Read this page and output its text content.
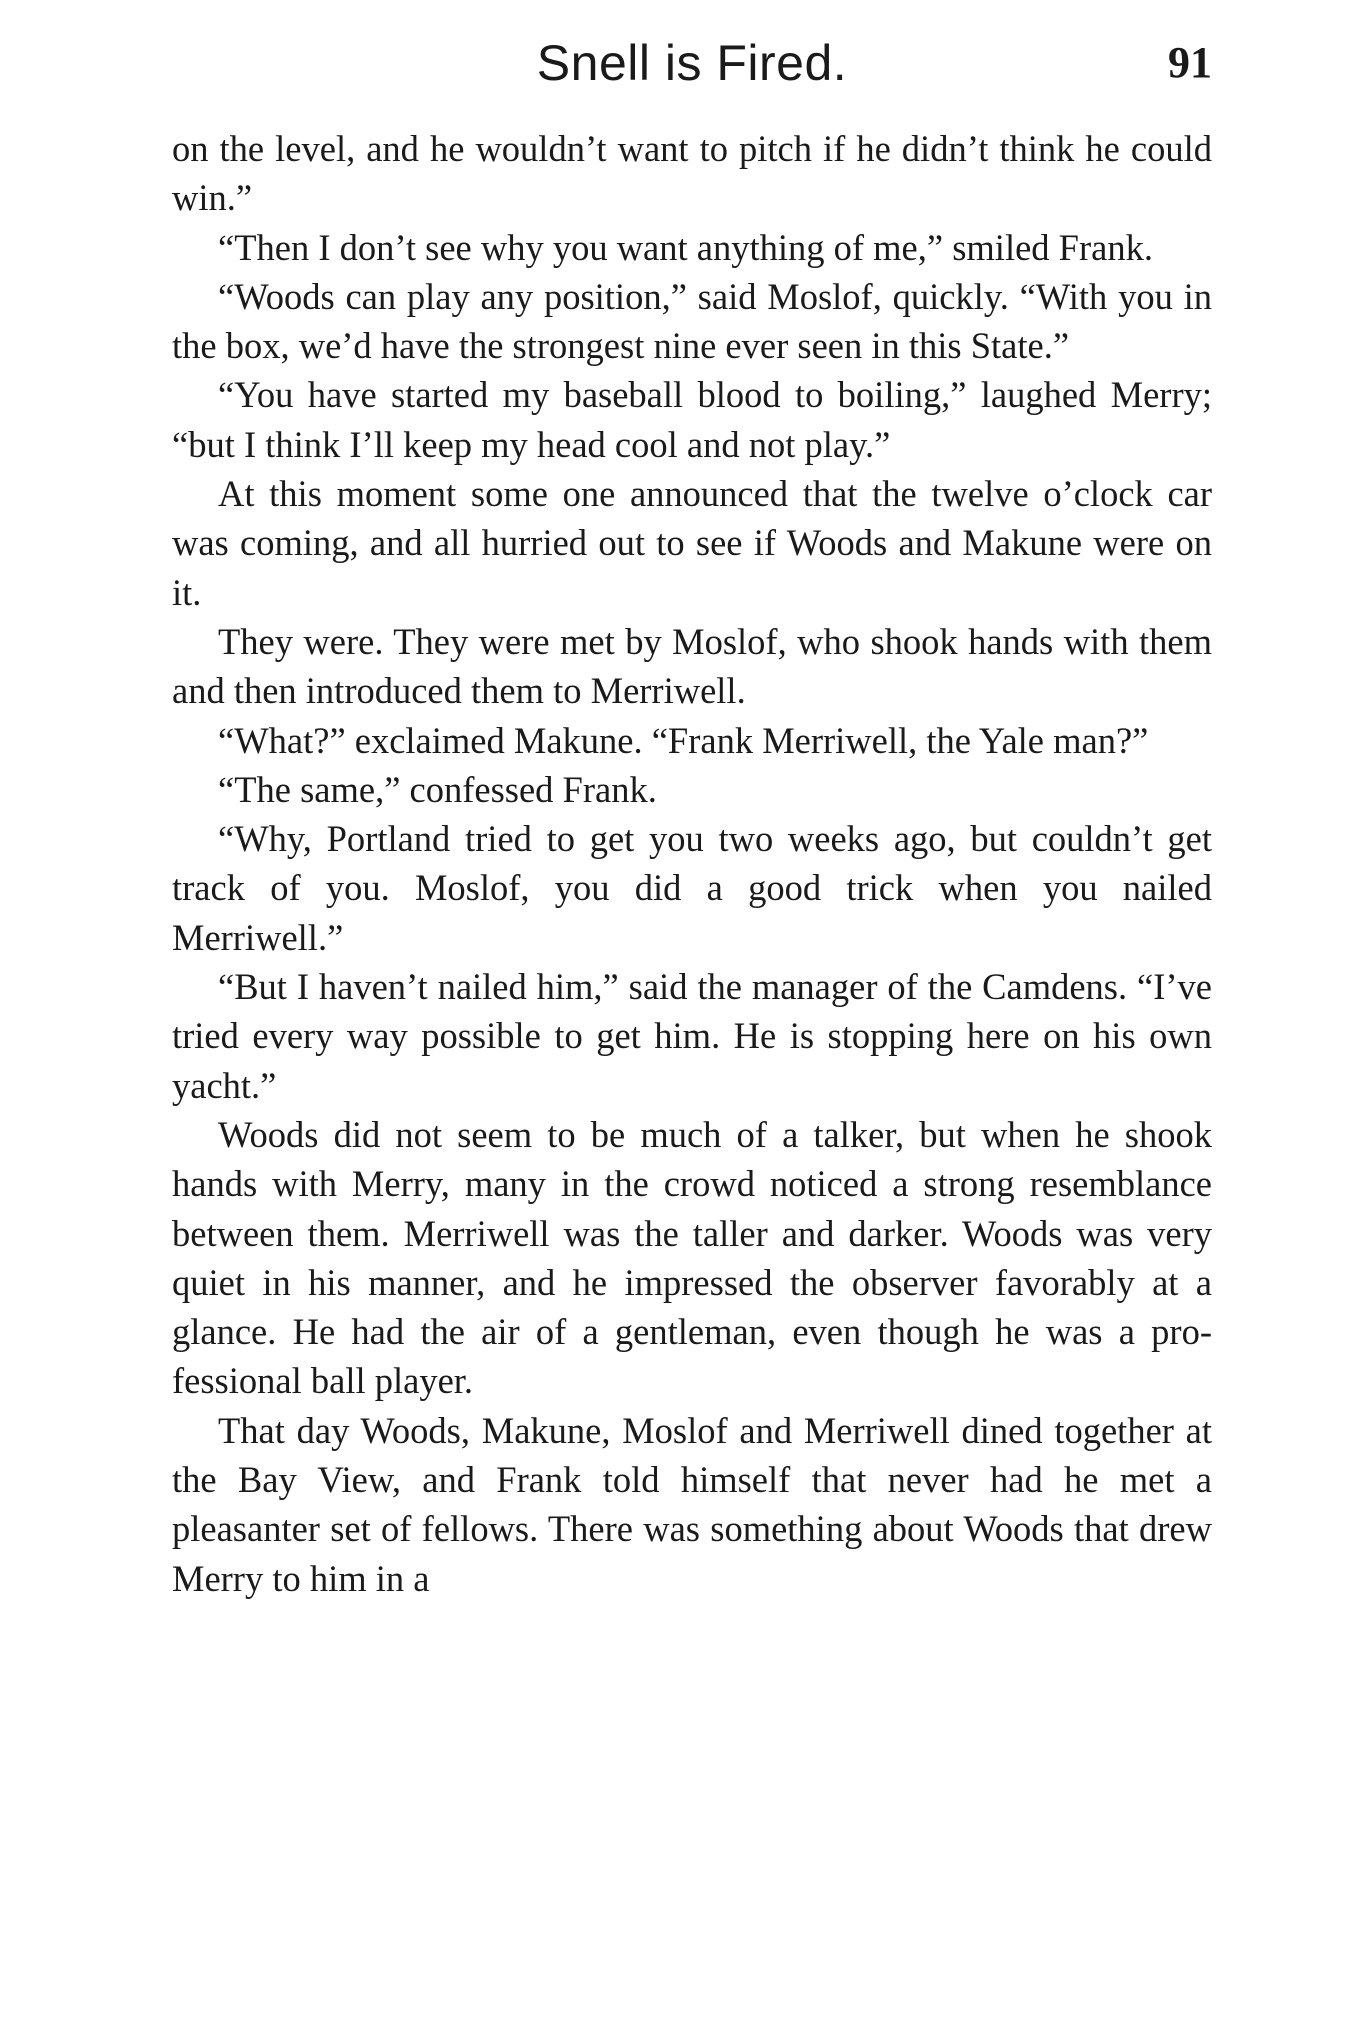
Snell is Fired.	91

on the level, and he wouldn’t want to pitch if he didn’t think he could win.”

“Then I don’t see why you want anything of me,” smiled Frank.

“Woods can play any position,” said Moslof, quickly. “With you in the box, we’d have the strongest nine ever seen in this State.”

“You have started my baseball blood to boiling,” laughed Merry; “but I think I’ll keep my head cool and not play.”

At this moment some one announced that the twelve o’clock car was coming, and all hurried out to see if Woods and Makune were on it.

They were. They were met by Moslof, who shook hands with them and then introduced them to Merriwell.

“What?” exclaimed Makune. “Frank Merriwell, the Yale man?”

“The same,” confessed Frank.

“Why, Portland tried to get you two weeks ago, but couldn’t get track of you. Moslof, you did a good trick when you nailed Merriwell.”

“But I haven’t nailed him,” said the manager of the Camdens. “I’ve tried every way possible to get him. He is stopping here on his own yacht.”

Woods did not seem to be much of a talker, but when he shook hands with Merry, many in the crowd noticed a strong resemblance between them. Merriwell was the taller and darker. Woods was very quiet in his manner, and he impressed the observer favorably at a glance. He had the air of a gentleman, even though he was a professional ball player.

That day Woods, Makune, Moslof and Merriwell dined together at the Bay View, and Frank told himself that never had he met a pleasanter set of fellows. There was something about Woods that drew Merry to him in a
